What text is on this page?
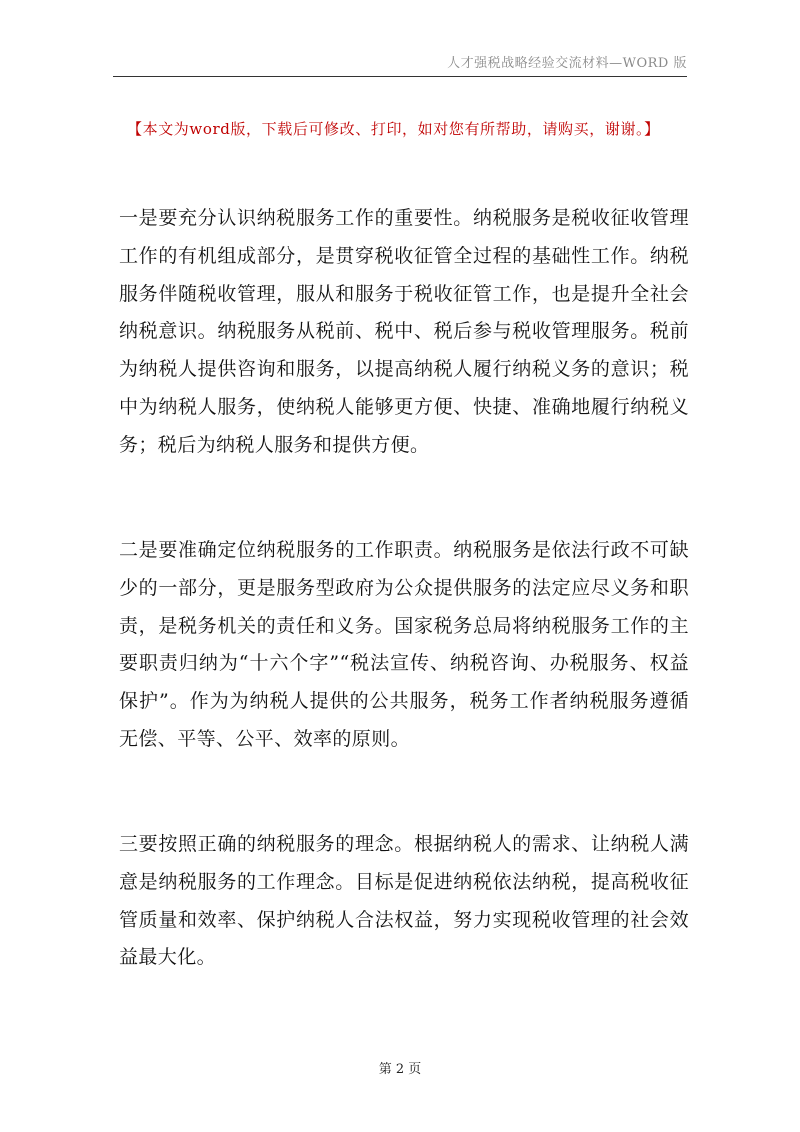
人才强税战略经验交流材料—WORD 版
【本文为word版，下载后可修改、打印，如对您有所帮助，请购买，谢谢。】

一是要充分认识纳税服务工作的重要性。纳税服务是税收征收管理工作的有机组成部分，是贯穿税收征管全过程的基础性工作。纳税服务伴随税收管理，服从和服务于税收征管工作，也是提升全社会纳税意识。纳税服务从税前、税中、税后参与税收管理服务。税前为纳税人提供咨询和服务，以提高纳税人履行纳税义务的意识；税中为纳税人服务，使纳税人能够更方便、快捷、准确地履行纳税义务；税后为纳税人服务和提供方便。

二是要准确定位纳税服务的工作职责。纳税服务是依法行政不可缺少的一部分，更是服务型政府为公众提供服务的法定应尽义务和职责，是税务机关的责任和义务。国家税务总局将纳税服务工作的主要职责归纳为“十六个字”“税法宣传、纳税咨询、办税服务、权益保护”。作为为纳税人提供的公共服务，税务工作者纳税服务遵循无偿、平等、公平、效率的原则。

三要按照正确的纳税服务的理念。根据纳税人的需求、让纳税人满意是纳税服务的工作理念。目标是促进纳税依法纳税，提高税收征管质量和效率、保护纳税人合法权益，努力实现税收管理的社会效益最大化。

第 2 页
